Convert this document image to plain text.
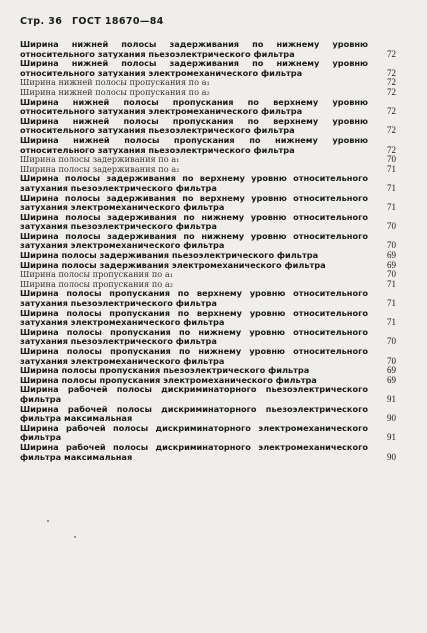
Стр. 36 ГОСТ 18670—84
Ширина нижней полосы задерживания по нижнему уровню относительного затухания пьезоэлектрического фильтра	72
Ширина нижней полосы задерживания по нижнему уровню относительного затухания электромеханического фильтра	72
Ширина нижней полосы пропускания по a₁	72
Ширина нижней полосы пропускания по a₂	72
Ширина нижней полосы пропускания по верхнему уровню относительного затухания электромеханического фильтра	72
Ширина нижней полосы пропускания по верхнему уровню относительного затухания пьезоэлектрического фильтра	72
Ширина нижней полосы пропускания по нижнему уровню относительного затухания пьезоэлектрического фильтра	72
Ширина полосы задерживания по a₁	70
Ширина полосы задерживания по a₂	71
Ширина полосы задерживания по верхнему уровню относительного затухания пьезоэлектрического фильтра	71
Ширина полосы задерживания по верхнему уровню относительного затухания электромеханического фильтра	71
Ширина полосы задерживания по нижнему уровню относительного затухания пьезоэлектрического фильтра	70
Ширина полосы задерживания по нижнему уровню относительного затухания электромеханического фильтра	70
Ширина полосы задерживания пьезоэлектрического фильтра	69
Ширина полосы задерживания электромеханического фильтра	69
Ширина полосы пропускания по a₁	70
Ширина полосы пропускания по a₂	71
Ширина полосы пропускания по верхнему уровню относительного затухания пьезоэлектрического фильтра	71
Ширина полосы пропускания по верхнему уровню относительного затухания электромеханического фильтра	71
Ширина полосы пропускания по нижнему уровню относительного затухания пьезоэлектрического фильтра	70
Ширина полосы пропускания по нижнему уровню относительного затухания электромеханического фильтра	70
Ширина полосы пропускания пьезоэлектрического фильтра	69
Ширина полосы пропускания электромеханического фильтра	69
Ширина рабочей полосы дискриминаторного пьезоэлектрического фильтра	91
Ширина рабочей полосы дискриминаторного пьезоэлектрического фильтра максимальная	90
Ширина рабочей полосы дискриминаторного электромеханического фильтра	91
Ширина рабочей полосы дискриминаторного электромеханического фильтра максимальная	90
